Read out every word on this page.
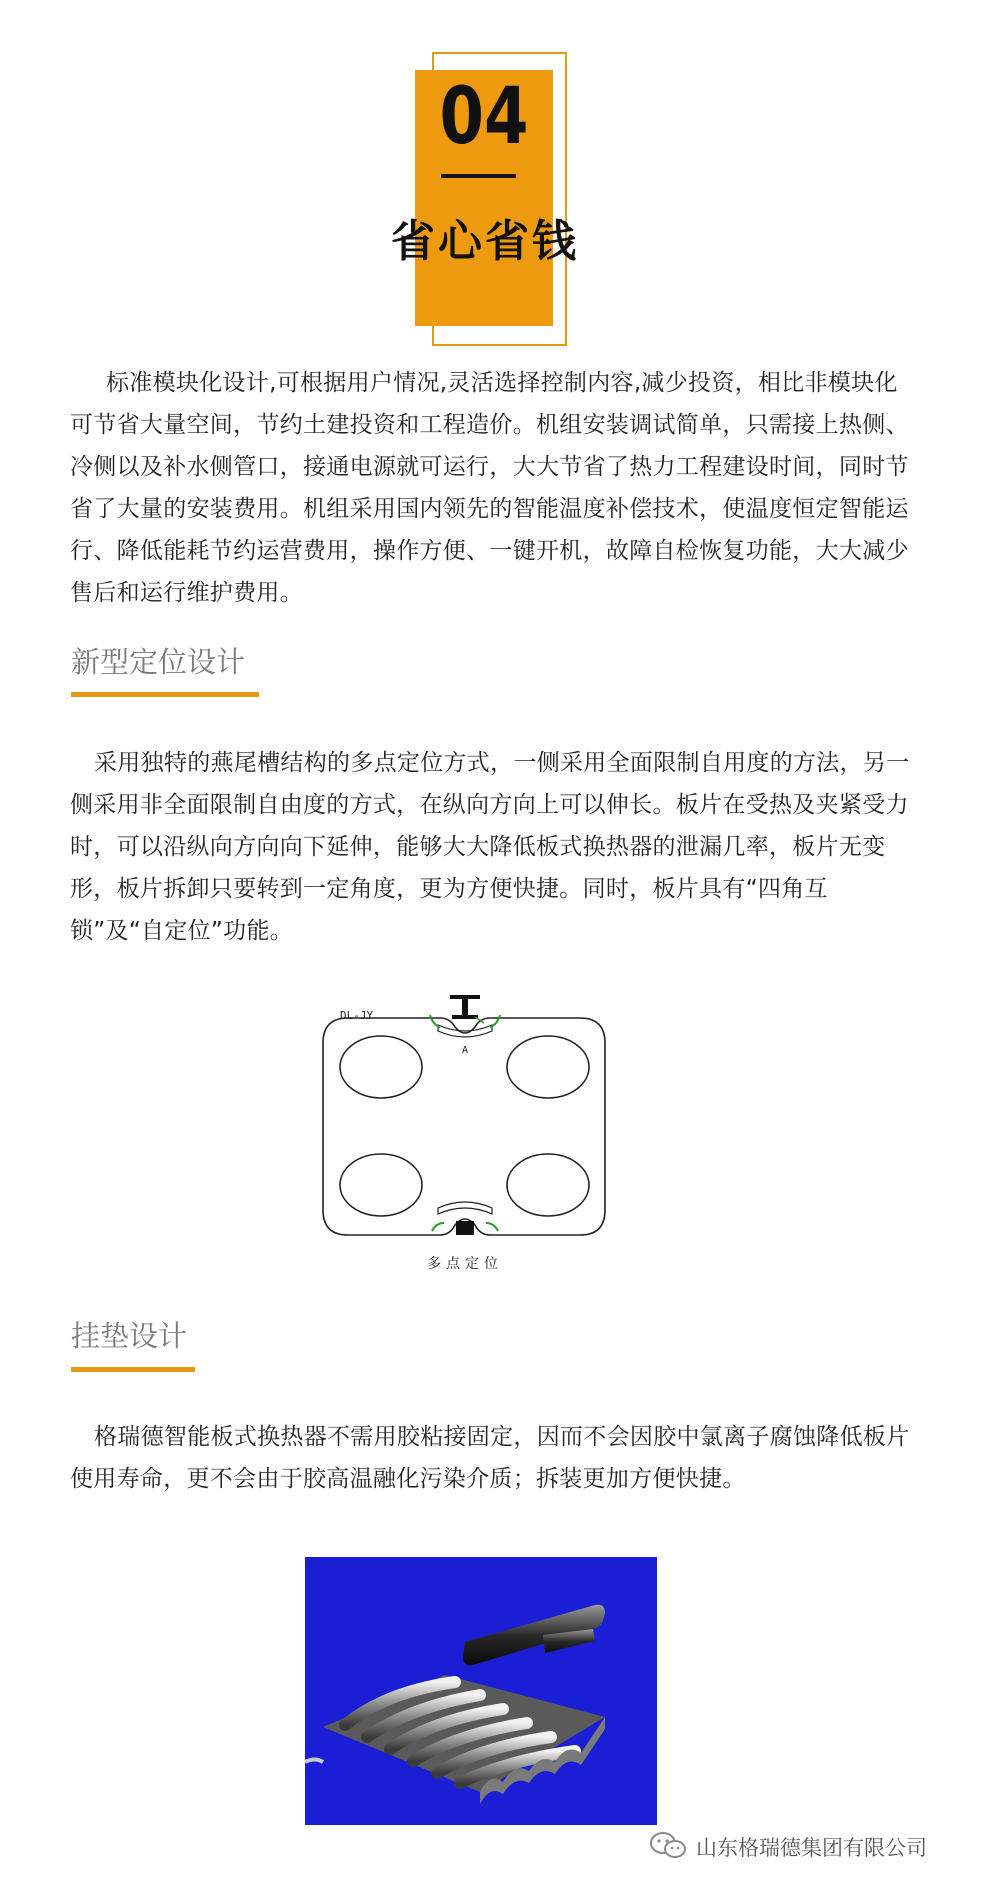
04
省心省钱

标准模块化设计,可根据用户情况,灵活选择控制内容,减少投资，相比非模块化可节省大量空间，节约土建投资和工程造价。机组安装调试简单，只需接上热侧、冷侧以及补水侧管口，接通电源就可运行，大大节省了热力工程建设时间，同时节省了大量的安装费用。机组采用国内领先的智能温度补偿技术，使温度恒定智能运行、降低能耗节约运营费用，操作方便、一键开机，故障自检恢复功能，大大减少售后和运行维护费用。

新型定位设计

采用独特的燕尾槽结构的多点定位方式，一侧采用全面限制自用度的方法，另一侧采用非全面限制自由度的方式，在纵向方向上可以伸长。板片在受热及夹紧受力时，可以沿纵向方向向下延伸，能够大大降低板式换热器的泄漏几率，板片无变形，板片拆卸只要转到一定角度，更为方便快捷。同时，板片具有“四角互锁”及“自定位”功能。

DL-JY
A
多点定位
挂垫设计

格瑞德智能板式换热器不需用胶粘接固定，因而不会因胶中氯离子腐蚀降低板片使用寿命，更不会由于胶高温融化污染介质；拆装更加方便快捷。

山东格瑞德集团有限公司
